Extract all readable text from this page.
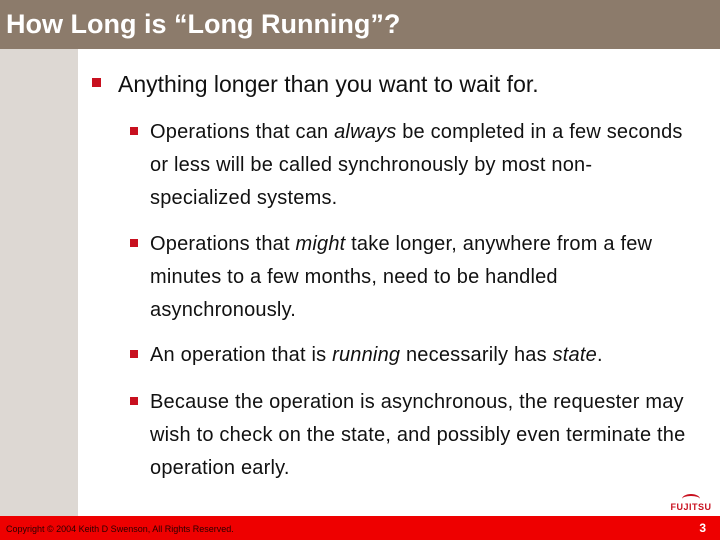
How Long is “Long Running”?
Anything longer than you want to wait for.
Operations that can always be completed in a few seconds or less will be called synchronously by most non-specialized systems.
Operations that might take longer, anywhere from a few minutes to a few months, need to be handled asynchronously.
An operation that is running necessarily has state.
Because the operation is asynchronous, the requester may wish to check on the state, and possibly even terminate the operation early.
FUJITSU
Copyright © 2004 Keith D Swenson, All Rights Reserved.	3
